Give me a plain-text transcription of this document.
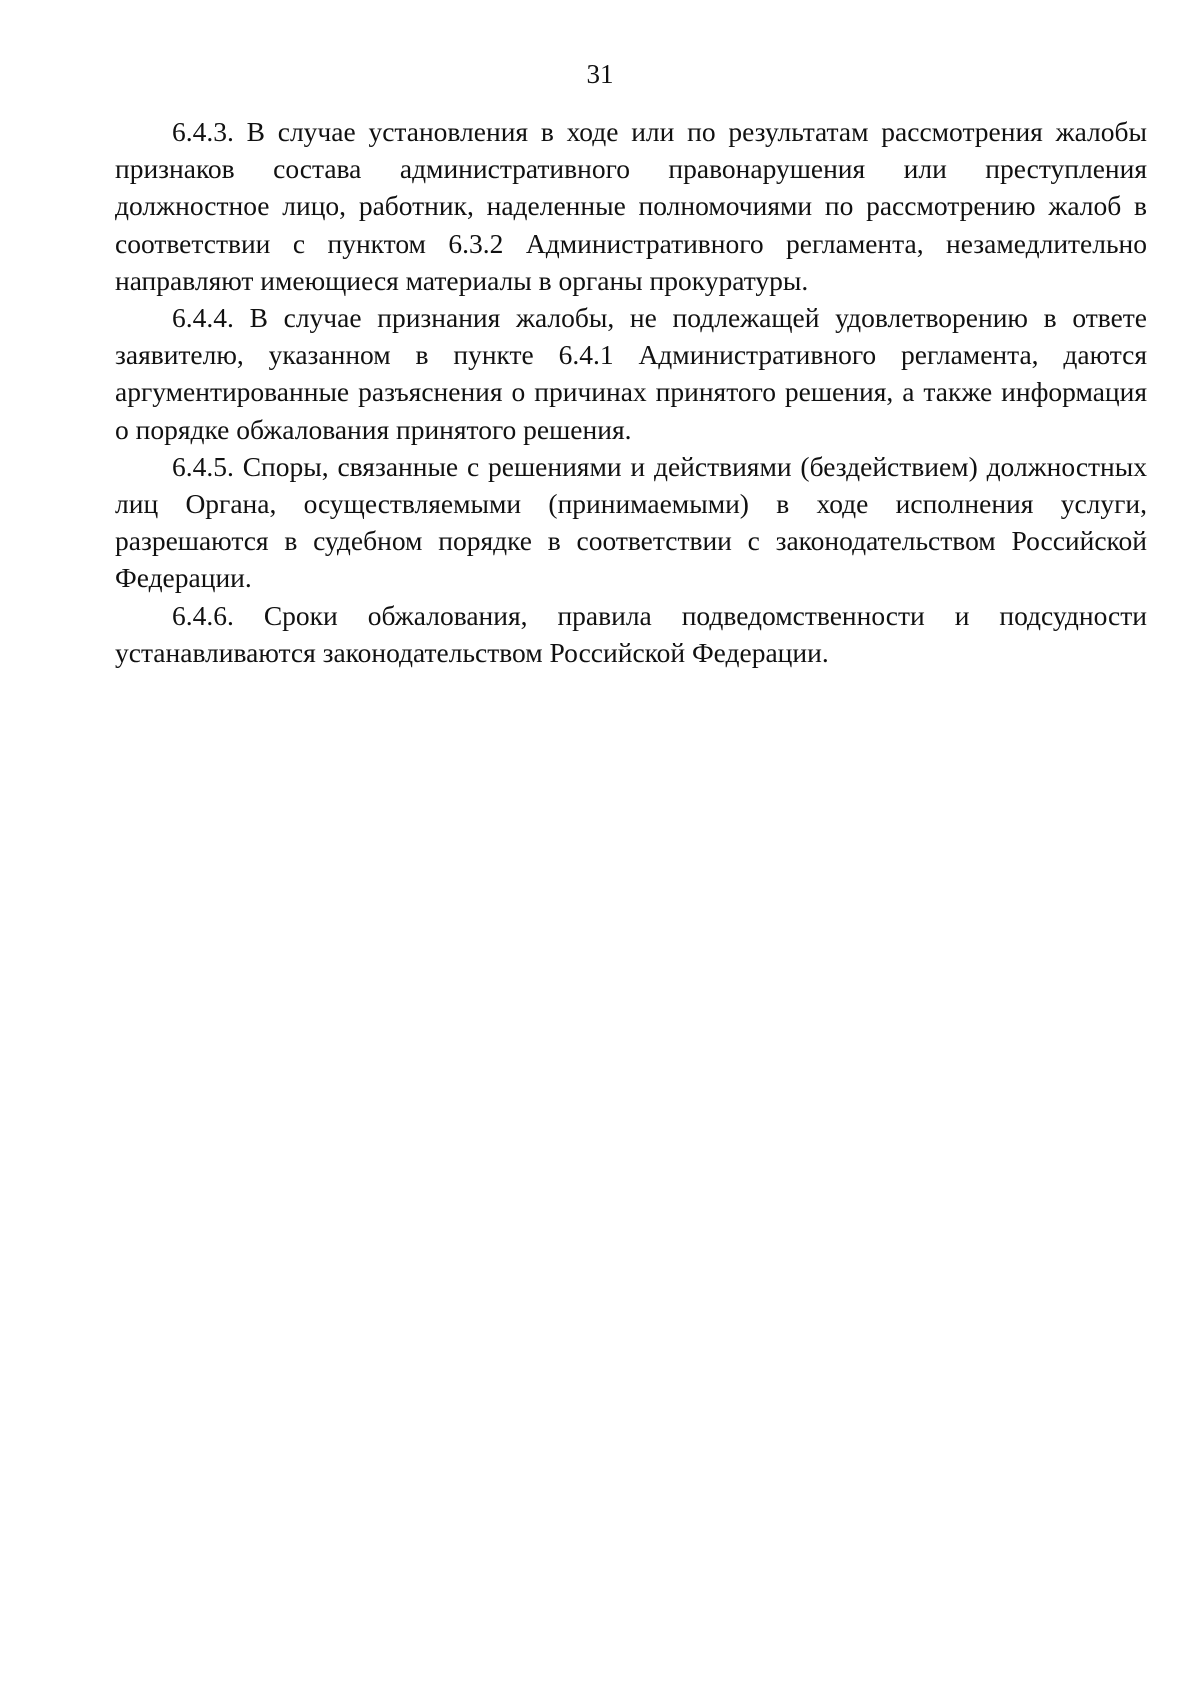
31

6.4.3. В случае установления в ходе или по результатам рассмотрения жалобы признаков состава административного правонарушения или преступления должностное лицо, работник, наделенные полномочиями по рассмотрению жалоб в соответствии с пунктом 6.3.2 Административного регламента, незамедлительно направляют имеющиеся материалы в органы прокуратуры.

6.4.4. В случае признания жалобы, не подлежащей удовлетворению в ответе заявителю, указанном в пункте 6.4.1 Административного регламента, даются аргументированные разъяснения о причинах принятого решения, а также информация о порядке обжалования принятого решения.

6.4.5. Споры, связанные с решениями и действиями (бездействием) должностных лиц Органа, осуществляемыми (принимаемыми) в ходе исполнения услуги, разрешаются в судебном порядке в соответствии с законодательством Российской Федерации.

6.4.6. Сроки обжалования, правила подведомственности и подсудности устанавливаются законодательством Российской Федерации.
